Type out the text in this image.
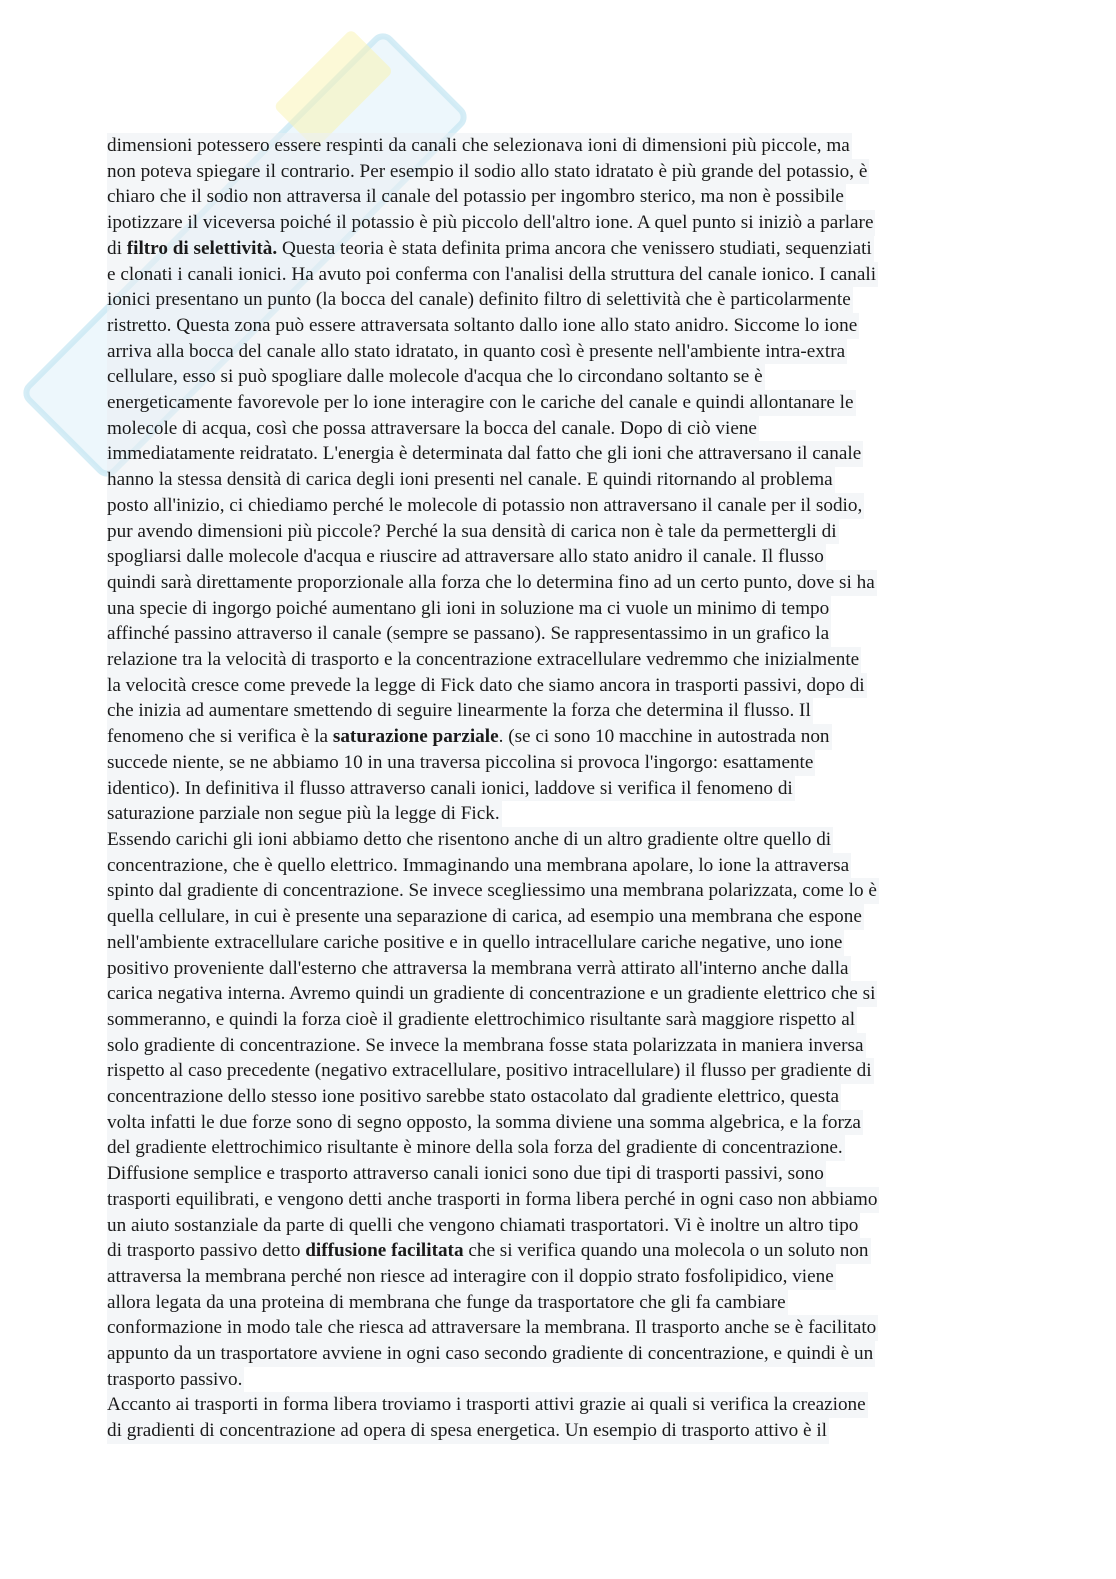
dimensioni potessero essere respinti da canali che selezionava ioni di dimensioni più piccole, ma
non poteva spiegare il contrario. Per esempio il sodio allo stato idratato è più grande del potassio, è
chiaro che il sodio non attraversa il canale del potassio per ingombro sterico, ma non è possibile
ipotizzare il viceversa poiché il potassio è più piccolo dell'altro ione. A quel punto si iniziò a parlare
di filtro di selettività. Questa teoria è stata definita prima ancora che venissero studiati, sequenziati
e clonati i canali ionici. Ha avuto poi conferma con l'analisi della struttura del canale ionico. I canali
ionici presentano un punto (la bocca del canale) definito filtro di selettività che è particolarmente
ristretto. Questa zona può essere attraversata soltanto dallo ione allo stato anidro. Siccome lo ione
arriva alla bocca del canale allo stato idratato, in quanto così è presente nell'ambiente intra-extra
cellulare, esso si può spogliare dalle molecole d'acqua che lo circondano soltanto se è
energeticamente favorevole per lo ione interagire con le cariche del canale e quindi allontanare le
molecole di acqua, così che possa attraversare la bocca del canale. Dopo di ciò viene
immediatamente reidratato. L'energia è determinata dal fatto che gli ioni che attraversano il canale
hanno la stessa densità di carica degli ioni presenti nel canale. E quindi ritornando al problema
posto all'inizio, ci chiediamo perché le molecole di potassio non attraversano il canale per il sodio,
pur avendo dimensioni più piccole? Perché la sua densità di carica non è tale da permettergli di
spogliarsi dalle molecole d'acqua e riuscire ad attraversare allo stato anidro il canale. Il flusso
quindi sarà direttamente proporzionale alla forza che lo determina fino ad un certo punto, dove si ha
una specie di ingorgo poiché aumentano gli ioni in soluzione ma ci vuole un minimo di tempo
affinché passino attraverso il canale (sempre se passano). Se rappresentassimo in un grafico la
relazione tra la velocità di trasporto e la concentrazione extracellulare vedremmo che inizialmente
la velocità cresce come prevede la legge di Fick dato che siamo ancora in trasporti passivi, dopo di
che inizia ad aumentare smettendo di seguire linearmente la forza che determina il flusso. Il
fenomeno che si verifica è la saturazione parziale. (se ci sono 10 macchine in autostrada non
succede niente, se ne abbiamo 10 in una traversa piccolina si provoca l'ingorgo: esattamente
identico). In definitiva il flusso attraverso canali ionici, laddove si verifica il fenomeno di
saturazione parziale non segue più la legge di Fick.
Essendo carichi gli ioni abbiamo detto che risentono anche di un altro gradiente oltre quello di
concentrazione, che è quello elettrico. Immaginando una membrana apolare, lo ione la attraversa
spinto dal gradiente di concentrazione. Se invece scegliessimo una membrana polarizzata, come lo è
quella cellulare, in cui è presente una separazione di carica, ad esempio una membrana che espone
nell'ambiente extracellulare cariche positive e in quello intracellulare cariche negative, uno ione
positivo proveniente dall'esterno che attraversa la membrana verrà attirato all'interno anche dalla
carica negativa interna. Avremo quindi un gradiente di concentrazione e un gradiente elettrico che si
sommeranno, e quindi la forza cioè il gradiente elettrochimico risultante sarà maggiore rispetto al
solo gradiente di concentrazione. Se invece la membrana fosse stata polarizzata in maniera inversa
rispetto al caso precedente (negativo extracellulare, positivo intracellulare) il flusso per gradiente di
concentrazione dello stesso ione positivo sarebbe stato ostacolato dal gradiente elettrico, questa
volta infatti le due forze sono di segno opposto, la somma diviene una somma algebrica, e la forza
del gradiente elettrochimico risultante è minore della sola forza del gradiente di concentrazione.
Diffusione semplice e trasporto attraverso canali ionici sono due tipi di trasporti passivi, sono
trasporti equilibrati, e vengono detti anche trasporti in forma libera perché in ogni caso non abbiamo
un aiuto sostanziale da parte di quelli che vengono chiamati trasportatori. Vi è inoltre un altro tipo
di trasporto passivo detto diffusione facilitata che si verifica quando una molecola o un soluto non
attraversa la membrana perché non riesce ad interagire con il doppio strato fosfolipidico, viene
allora legata da una proteina di membrana che funge da trasportatore che gli fa cambiare
conformazione in modo tale che riesca ad attraversare la membrana. Il trasporto anche se è facilitato
appunto da un trasportatore avviene in ogni caso secondo gradiente di concentrazione, e quindi è un
trasporto passivo.
Accanto ai trasporti in forma libera troviamo i trasporti attivi grazie ai quali si verifica la creazione
di gradienti di concentrazione ad opera di spesa energetica. Un esempio di trasporto attivo è il
